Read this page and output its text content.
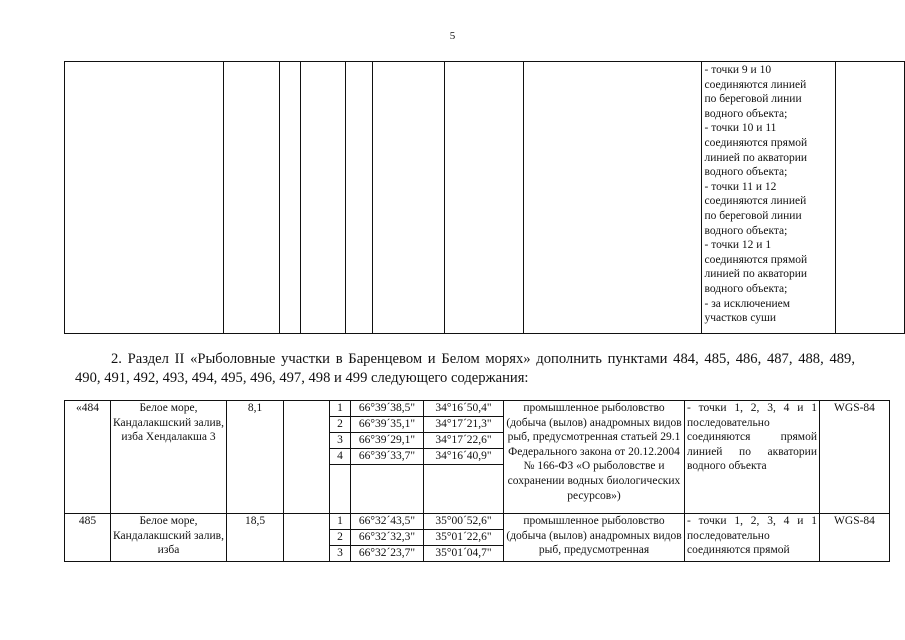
5

- точки 9 и 10
соединяются линией
по береговой линии
водного объекта;
- точки 10 и 11
соединяются прямой
линией по акватории
водного объекта;
- точки 11 и 12
соединяются линией
по береговой линии
водного объекта;
- точки 12 и 1
соединяются прямой
линией по акватории
водного объекта;
- за исключением
участков суши

2. Раздел II «Рыболовные участки в Баренцевом и Белом морях» дополнить пунктами 484, 485, 486, 487, 488, 489,
490, 491, 492, 493, 494, 495, 496, 497, 498 и 499 следующего содержания:
«484	Белое море, Кандалакшский залив, изба Хендалакша 3	8,1		1	66°39´38,5"	34°16´50,4"	промышленное рыболовство (добыча (вылов) анадромных видов рыб, предусмотренная статьей 29.1 Федерального закона от 20.12.2004 № 166-ФЗ «О рыболовстве и сохранении водных биологических ресурсов»)	- точки 1, 2, 3, 4 и 1 последовательно соединяются прямой линией по акватории водного объекта	WGS-84
				2	66°39´35,1"	34°17´21,3"			
				3	66°39´29,1"	34°17´22,6"			
				4	66°39´33,7"	34°16´40,9"			

485	Белое море, Кандалакшский залив, изба	18,5		1	66°32´43,5"	35°00´52,6"	промышленное рыболовство (добыча (вылов) анадромных видов рыб, предусмотренная	- точки 1, 2, 3, 4 и 1 последовательно соединяются прямой	WGS-84
				2	66°32´32,3"	35°01´22,6"			
				3	66°32´23,7"	35°01´04,7"			
